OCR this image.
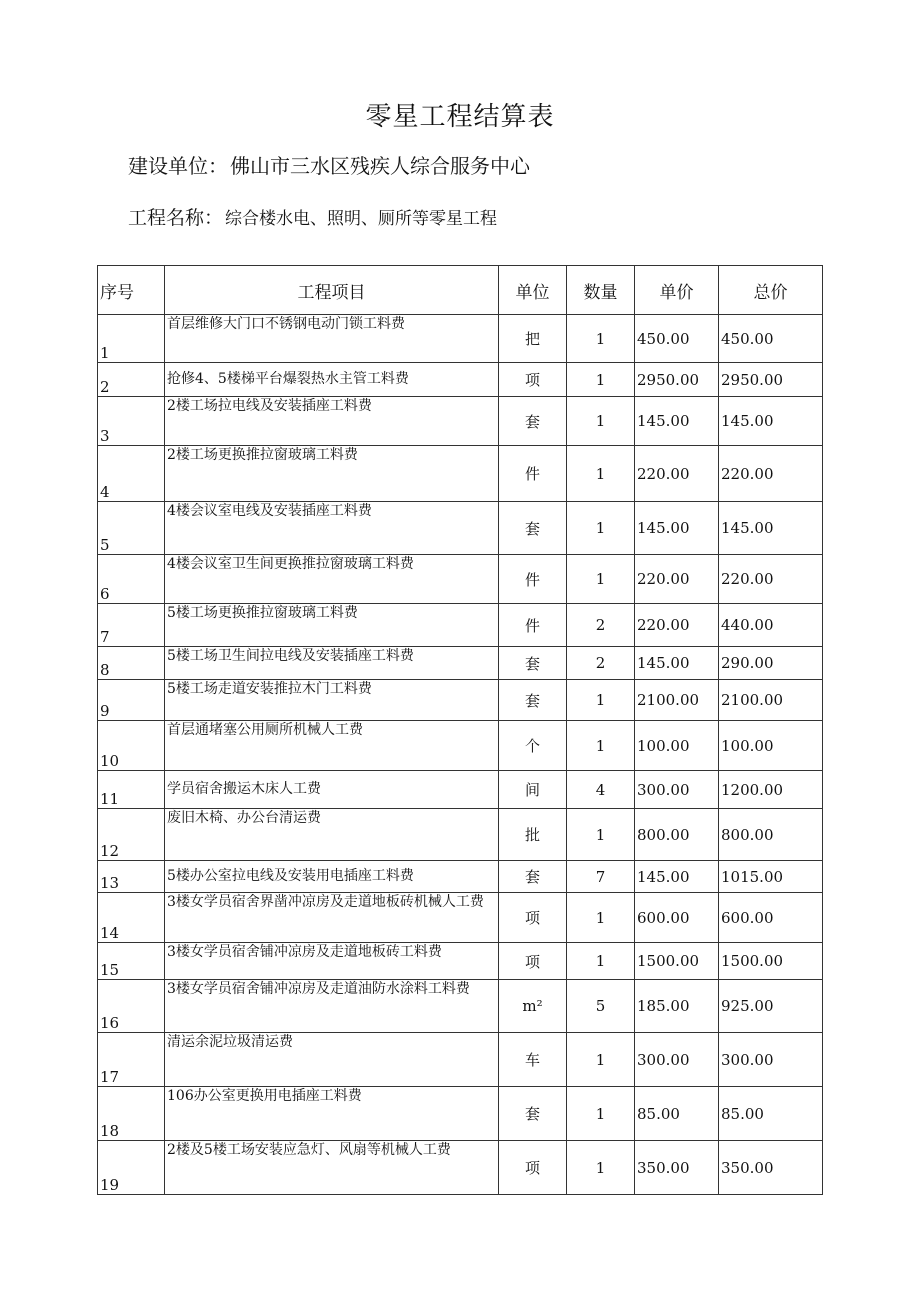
零星工程结算表
建设单位： 佛山市三水区残疾人综合服务中心
工程名称： 综合楼水电、照明、厕所等零星工程
序号	工程项目	单位	数量	单价	总价
1	首层维修大门口不锈钢电动门锁工料费	把	1	450.00	450.00
2	抢修4、5楼梯平台爆裂热水主管工料费	项	1	2950.00	2950.00
3	2楼工场拉电线及安装插座工料费	套	1	145.00	145.00
4	2楼工场更换推拉窗玻璃工料费	件	1	220.00	220.00
5	4楼会议室电线及安装插座工料费	套	1	145.00	145.00
6	4楼会议室卫生间更换推拉窗玻璃工料费	件	1	220.00	220.00
7	5楼工场更换推拉窗玻璃工料费	件	2	220.00	440.00
8	5楼工场卫生间拉电线及安装插座工料费	套	2	145.00	290.00
9	5楼工场走道安装推拉木门工料费	套	1	2100.00	2100.00
10	首层通堵塞公用厕所机械人工费	个	1	100.00	100.00
11	学员宿舍搬运木床人工费	间	4	300.00	1200.00
12	废旧木椅、办公台清运费	批	1	800.00	800.00
13	5楼办公室拉电线及安装用电插座工料费	套	7	145.00	1015.00
14	3楼女学员宿舍界凿冲凉房及走道地板砖机械人工费	项	1	600.00	600.00
15	3楼女学员宿舍铺冲凉房及走道地板砖工料费	项	1	1500.00	1500.00
16	3楼女学员宿舍铺冲凉房及走道油防水涂料工料费	m²	5	185.00	925.00
17	清运余泥垃圾清运费	车	1	300.00	300.00
18	106办公室更换用电插座工料费	套	1	85.00	85.00
19	2楼及5楼工场安装应急灯、风扇等机械人工费	项	1	350.00	350.00
